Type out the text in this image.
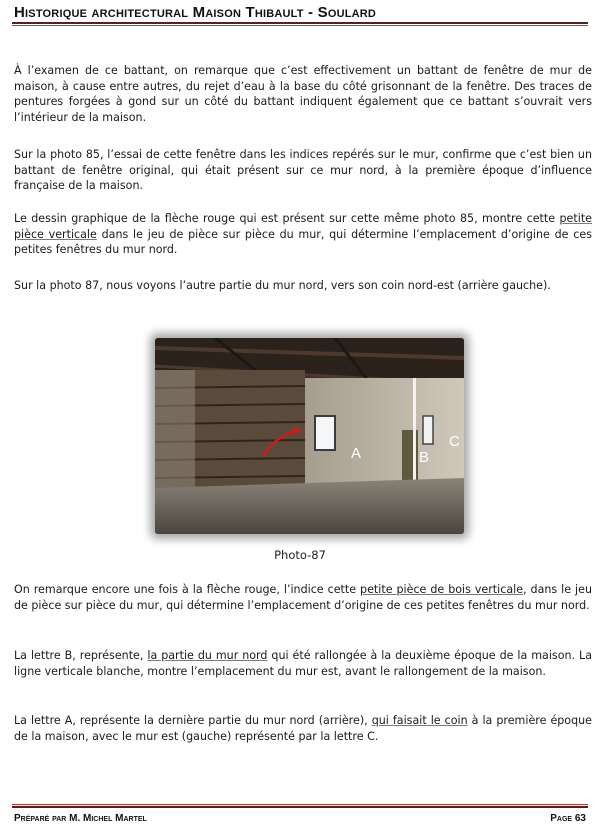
Historique architectural Maison Thibault - Soulard

À l’examen de ce battant, on remarque que c’est effectivement un battant de fenêtre de mur de maison, à cause entre autres, du rejet d’eau à la base du côté grisonnant de la fenêtre. Des traces de pentures forgées à gond sur un côté du battant indiquent également que ce battant s’ouvrait vers l’intérieur de la maison.

Sur la photo 85, l’essai de cette fenêtre dans les indices repérés sur le mur, confirme que c’est bien un battant de fenêtre original, qui était présent sur ce mur nord, à la première époque d’influence française de la maison.

Le dessin graphique de la flèche rouge qui est présent sur cette même photo 85, montre cette petite pièce verticale dans le jeu de pièce sur pièce du mur, qui détermine l’emplacement d’origine de ces petites fenêtres du mur nord.

Sur la photo 87, nous voyons l’autre partie du mur nord, vers son coin nord-est (arrière gauche).

A	B
C
Photo-87

On remarque encore une fois à la flèche rouge, l’indice cette petite pièce de bois verticale, dans le jeu de pièce sur pièce du mur, qui détermine l’emplacement d’origine de ces petites fenêtres du mur nord.

La lettre B, représente, la partie du mur nord qui été rallongée à la deuxième époque de la maison. La ligne verticale blanche, montre l’emplacement du mur est, avant le rallongement de la maison.

La lettre A, représente la dernière partie du mur nord (arrière), qui faisait le coin à la première époque de la maison, avec le mur est (gauche) représenté par la lettre C.

Préparé par M. Michel Martel	Page 63
